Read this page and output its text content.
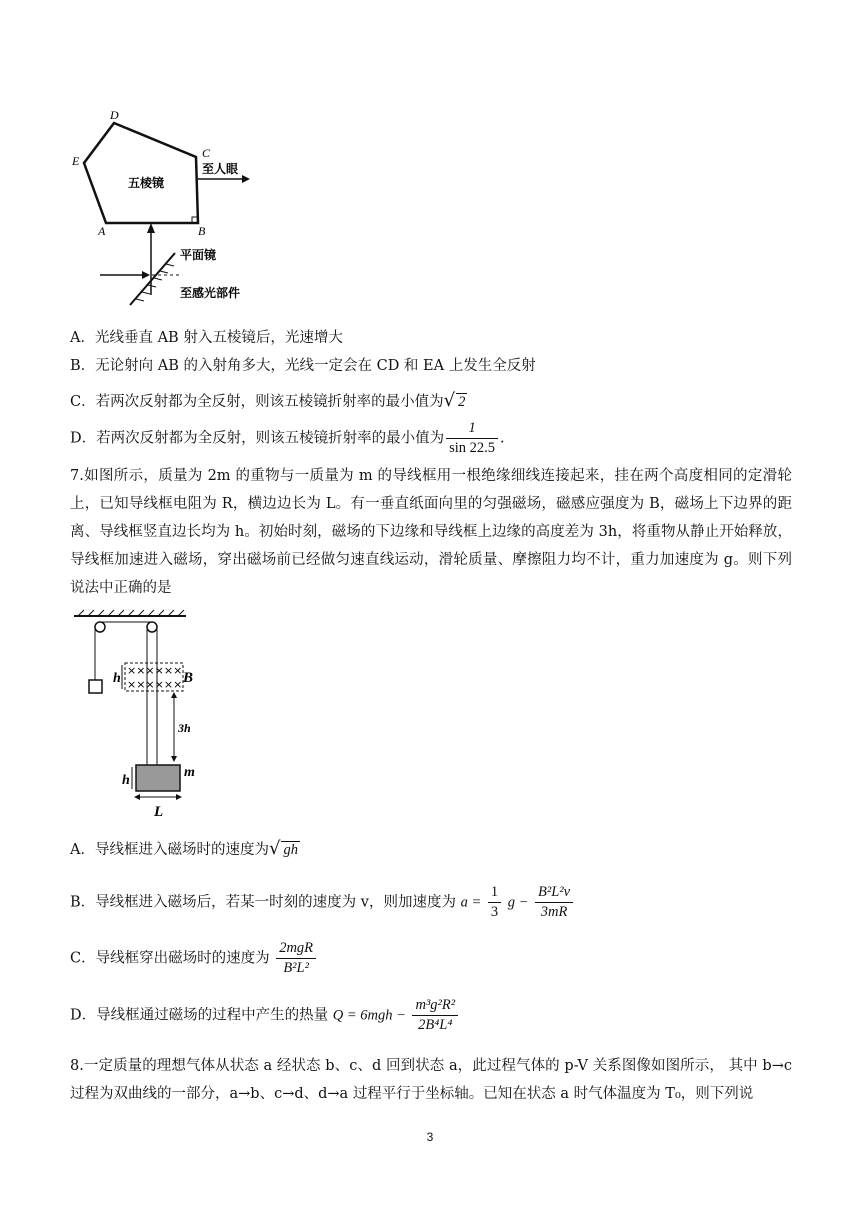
D
C
E
A	B
五棱镜
至人眼
平面镜
至感光部件
A．光线垂直 AB 射入五棱镜后，光速增大
B．无论射向 AB 的入射角多大，光线一定会在 CD 和 EA 上发生全反射
C．若两次反射都为全反射，则该五棱镜折射率的最小值为√ 2
D．若两次反射都为全反射，则该五棱镜折射率的最小值为 $\frac{1}{\sin 22.5}$ .
7.如图所示，质量为 2m 的重物与一质量为 m 的导线框用一根绝缘细线连接起来，挂在两个高度相同的定滑轮上，已知导线框电阻为 R，横边边长为 L。有一垂直纸面向里的匀强磁场，磁感应强度为 B，磁场上下边界的距离、导线框竖直边长均为 h。初始时刻，磁场的下边缘和导线框上边缘的高度差为 3h，将重物从静止开始释放，导线框加速进入磁场，穿出磁场前已经做匀速直线运动，滑轮质量、摩擦阻力均不计，重力加速度为 g。则下列说法中正确的是
××××××
××××××
h	B
3h
m
h
L
A．导线框进入磁场时的速度为√ gh
B．导线框进入磁场后，若某一时刻的速度为 v，则加速度为 $a = \frac{1}{3}$ $g - \frac{\text{B²L²v}}{3mR}$
C．导线框穿出磁场时的速度为 $\frac{\text{2mgR}}{\text{B²L²}}$
D．导线框通过磁场的过程中产生的热量 $Q = 6mgh - \frac{\text{m³g²R²}}{\text{2B⁴L⁴}}$
8.一定质量的理想气体从状态 a 经状态 b、c、d 回到状态 a，此过程气体的 p-V 关系图像如图所示， 其中 b→c 过程为双曲线的一部分，a→b、c→d、d→a 过程平行于坐标轴。已知在状态 a 时气体温度为 T₀，则下列说
3
